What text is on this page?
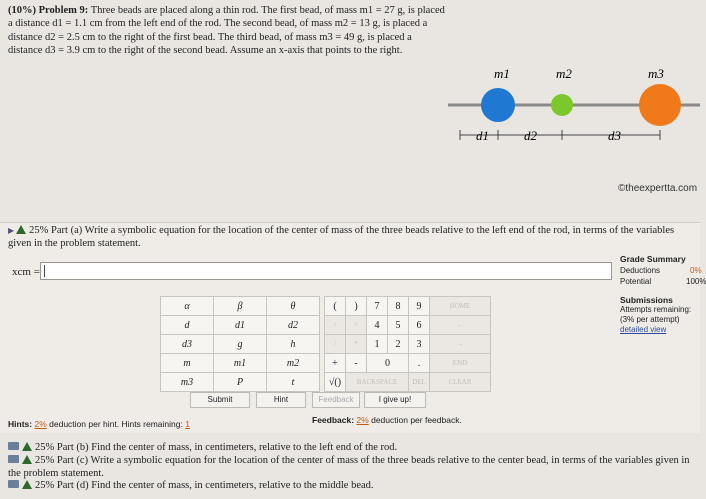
(10%) Problem 9: Three beads are placed along a thin rod. The first bead, of mass m1 = 27 g, is placed a distance d1 = 1.1 cm from the left end of the rod. The second bead, of mass m2 = 13 g, is placed a distance d2 = 2.5 cm to the right of the first bead. The third bead, of mass m3 = 49 g, is placed a distance d3 = 3.9 cm to the right of the second bead. Assume an x-axis that points to the right.
m1	m2	m3
d1	d2	d3
©theexpertta.com
▶ 25% Part (a) Write a symbolic equation for the location of the center of mass of the three beads relative to the left end of the rod, in terms of the variables given in the problem statement.
xcm =
Grade Summary
Deductions	0%
Potential	100%
Submissions
Attempts remaining:
(3% per attempt)
detailed view
α	β	θ
d	d1	d2
d3	g	h
m	m1	m2
m3	P	t
(	)	7	8	9	HOME
↑	^	4	5	6	←
/	*	1	2	3	→
+	-	0		.	END
√()	BACKSPACE			DEL	CLEAR
Submit	Hint	Feedback	I give up!
Hints: 2% deduction per hint. Hints remaining: 1	Feedback: 2% deduction per feedback.
25% Part (b) Find the center of mass, in centimeters, relative to the left end of the rod.
25% Part (c) Write a symbolic equation for the location of the center of mass of the three beads relative to the center bead, in terms of the variables given in the problem statement.
25% Part (d) Find the center of mass, in centimeters, relative to the middle bead.
